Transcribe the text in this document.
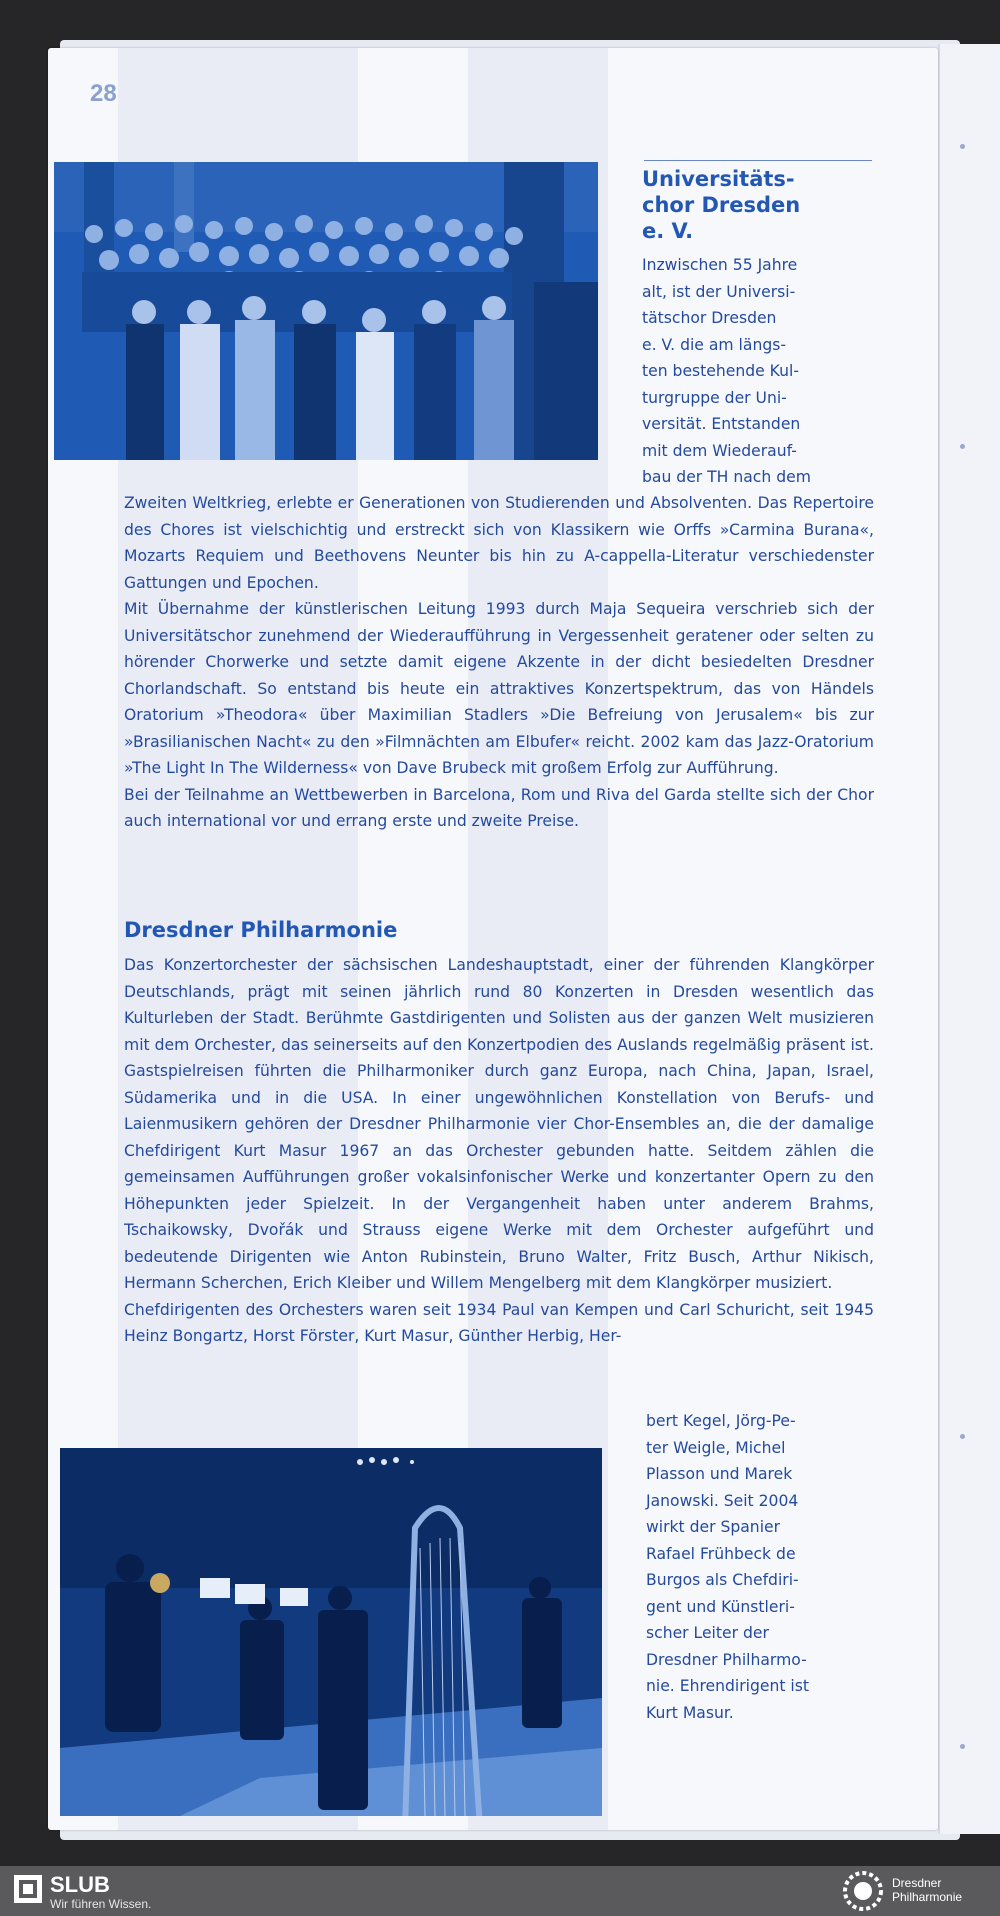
28
Universitäts-
chor Dresden
e. V.
Inzwischen 55 Jahre
alt, ist der Universi-
tätschor Dresden
e. V. die am längs-
ten bestehende Kul-
turgruppe der Uni-
versität. Entstanden
mit dem Wiederauf-
bau der TH nach dem

Zweiten Weltkrieg, erlebte er Generationen von Studierenden und Absolventen. Das Repertoire des Chores ist vielschichtig und erstreckt sich von Klassikern wie Orffs »Carmina Burana«, Mozarts Requiem und Beethovens Neunter bis hin zu A-cappella-Literatur verschiedenster Gattungen und Epochen.

Mit Übernahme der künstlerischen Leitung 1993 durch Maja Sequeira verschrieb sich der Universitätschor zunehmend der Wiederaufführung in Vergessenheit geratener oder selten zu hörender Chorwerke und setzte damit eigene Akzente in der dicht besiedelten Dresdner Chorlandschaft. So entstand bis heute ein attraktives Konzertspektrum, das von Händels Oratorium »Theodora« über Maximilian Stadlers »Die Befreiung von Jerusalem« bis zur »Brasilianischen Nacht« zu den »Filmnächten am Elbufer« reicht. 2002 kam das Jazz-Oratorium »The Light In The Wilderness« von Dave Brubeck mit großem Erfolg zur Aufführung.

Bei der Teilnahme an Wettbewerben in Barcelona, Rom und Riva del Garda stellte sich der Chor auch international vor und errang erste und zweite Preise.

Dresdner Philharmonie

Das Konzertorchester der sächsischen Landeshauptstadt, einer der führenden Klangkörper Deutschlands, prägt mit seinen jährlich rund 80 Konzerten in Dresden wesentlich das Kulturleben der Stadt. Berühmte Gastdirigenten und Solisten aus der ganzen Welt musizieren mit dem Orchester, das seinerseits auf den Konzertpodien des Auslands regelmäßig präsent ist. Gastspielreisen führten die Philharmoniker durch ganz Europa, nach China, Japan, Israel, Südamerika und in die USA. In einer ungewöhnlichen Konstellation von Berufs- und Laienmusikern gehören der Dresdner Philharmonie vier Chor-Ensembles an, die der damalige Chefdirigent Kurt Masur 1967 an das Orchester gebunden hatte. Seitdem zählen die gemeinsamen Aufführungen großer vokalsinfonischer Werke und konzertanter Opern zu den Höhepunkten jeder Spielzeit. In der Vergangenheit haben unter anderem Brahms, Tschaikowsky, Dvořák und Strauss eigene Werke mit dem Orchester aufgeführt und bedeutende Dirigenten wie Anton Rubinstein, Bruno Walter, Fritz Busch, Arthur Nikisch, Hermann Scherchen, Erich Kleiber und Willem Mengelberg mit dem Klangkörper musiziert.

Chefdirigenten des Orchesters waren seit 1934 Paul van Kempen und Carl Schuricht, seit 1945 Heinz Bongartz, Horst Förster, Kurt Masur, Günther Herbig, Her-

bert Kegel, Jörg-Pe-
ter Weigle, Michel
Plasson und Marek
Janowski. Seit 2004
wirkt der Spanier
Rafael Frühbeck de
Burgos als Chefdiri-
gent und Künstleri-
scher Leiter der
Dresdner Philharmo-
nie. Ehrendirigent ist
Kurt Masur.
SLUB
Wir führen Wissen.
Dresdner
Philharmonie
